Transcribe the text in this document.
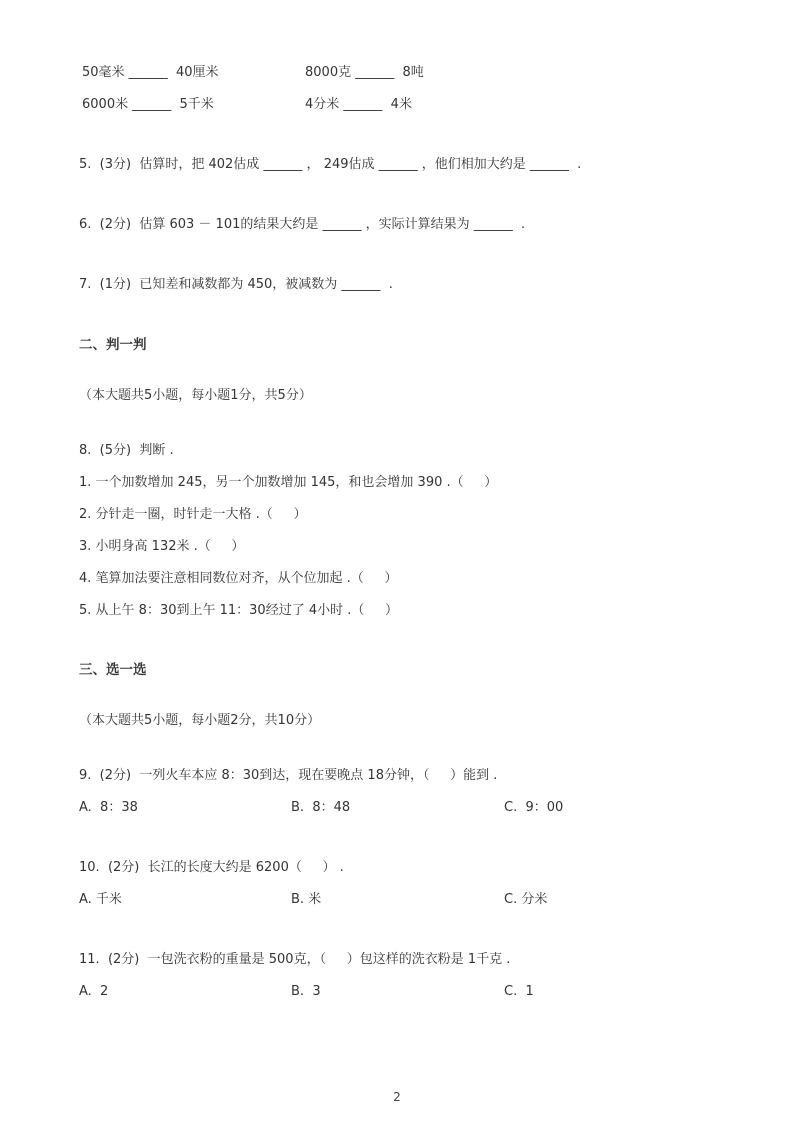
50毫米 ______  40厘米	8000克 ______  8吨
6000米 ______  5千米	4分米 ______  4米
5.  (3分)  估算时，把 402估成 ______ ， 249估成 ______ ，他们相加大约是 ______  .
6.  (2分)  估算 603 － 101的结果大约是 ______ ，实际计算结果为 ______  .
7.  (1分)  已知差和减数都为 450，被减数为 ______  .
二、判一判
（本大题共5小题，每小题1分，共5分）
8.  (5分)  判断 .
1. 一个加数增加 245，另一个加数增加 145，和也会增加 390 .（     ）
2. 分针走一圈，时针走一大格 .（     ）
3. 小明身高 132米 .（     ）
4. 笔算加法要注意相同数位对齐，从个位加起 .（     ）
5. 从上午 8：30到上午 11：30经过了 4小时 .（     ）
三、选一选
（本大题共5小题，每小题2分，共10分）
9.  (2分)  一列火车本应 8：30到达，现在要晚点 18分钟，（     ）能到 .
A.  8：38	B.  8：48	C.  9：00
10.  (2分)  长江的长度大约是 6200（     ） .
A. 千米	B. 米	C. 分米
11.  (2分)  一包洗衣粉的重量是 500克，（     ）包这样的洗衣粉是 1千克 .
A.  2	B.  3	C.  1
2
